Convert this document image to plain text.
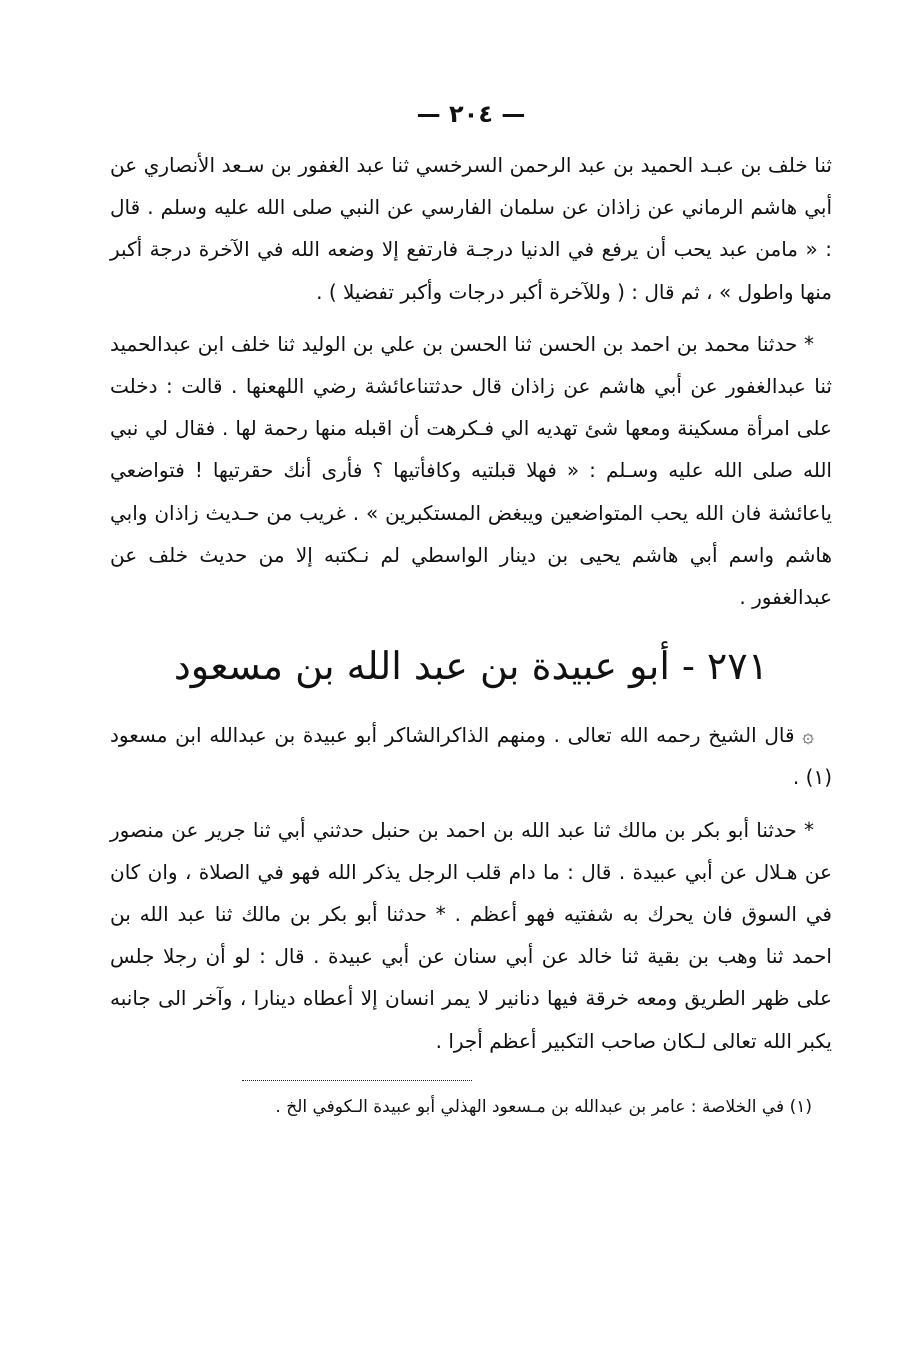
— ٢٠٤ —

ثنا خلف بن عبـد الحميد بن عبد الرحمن السرخسي ثنا عبد الغفور بن سـعد الأنصاري عن أبي هاشم الرماني عن زاذان عن سلمان الفارسي عن النبي صلى الله عليه وسلم . قال : « مامن عبد يحب أن يرفع في الدنيا درجـة فارتفع إلا وضعه الله في الآخرة درجة أكبر منها واطول » ، ثم قال : ( وللآخرة أكبر درجات وأكبر تفضيلا ) .

* حدثنا محمد بن احمد بن الحسن ثنا الحسن بن علي بن الوليد ثنا خلف ابن عبدالحميد ثنا عبدالغفور عن أبي هاشم عن زاذان قال حدثتناعائشة رضي اللهعنها . قالت : دخلت على امرأة مسكينة ومعها شئ تهديه الي فـكرهت أن اقبله منها رحمة لها . فقال لي نبي الله صلى الله عليه وسـلم : « فهلا قبلتيه وكافأتيها ؟ فأرى أنك حقرتيها ! فتواضعي ياعائشة فان الله يحب المتواضعين ويبغض المستكبرين » . غريب من حـديث زاذان وابي هاشم واسم أبي هاشم يحيى بن دينار الواسطي لم نـكتبه إلا من حديث خلف عن عبدالغفور .

٢٧١ - أبو عبيدة بن عبد الله بن مسعود

۞ قال الشيخ رحمه الله تعالى . ومنهم الذاكرالشاكر أبو عبيدة بن عبدالله ابن مسعود (١) .

* حدثنا أبو بكر بن مالك ثنا عبد الله بن احمد بن حنبل حدثني أبي ثنا جرير عن منصور عن هـلال عن أبي عبيدة . قال : ما دام قلب الرجل يذكر الله فهو في الصلاة ، وان كان في السوق فان يحرك به شفتيه فهو أعظم . * حدثنا أبو بكر بن مالك ثنا عبد الله بن احمد ثنا وهب بن بقية ثنا خالد عن أبي سنان عن أبي عبيدة . قال : لو أن رجلا جلس على ظهر الطريق ومعه خرقة فيها دنانير لا يمر انسان إلا أعطاه دينارا ، وآخر الى جانبه يكبر الله تعالى لـكان صاحب التكبير أعظم أجرا .

(١) في الخلاصة : عامر بن عبدالله بن مـسعود الهذلي أبو عبيدة الـكوفي الخ .
